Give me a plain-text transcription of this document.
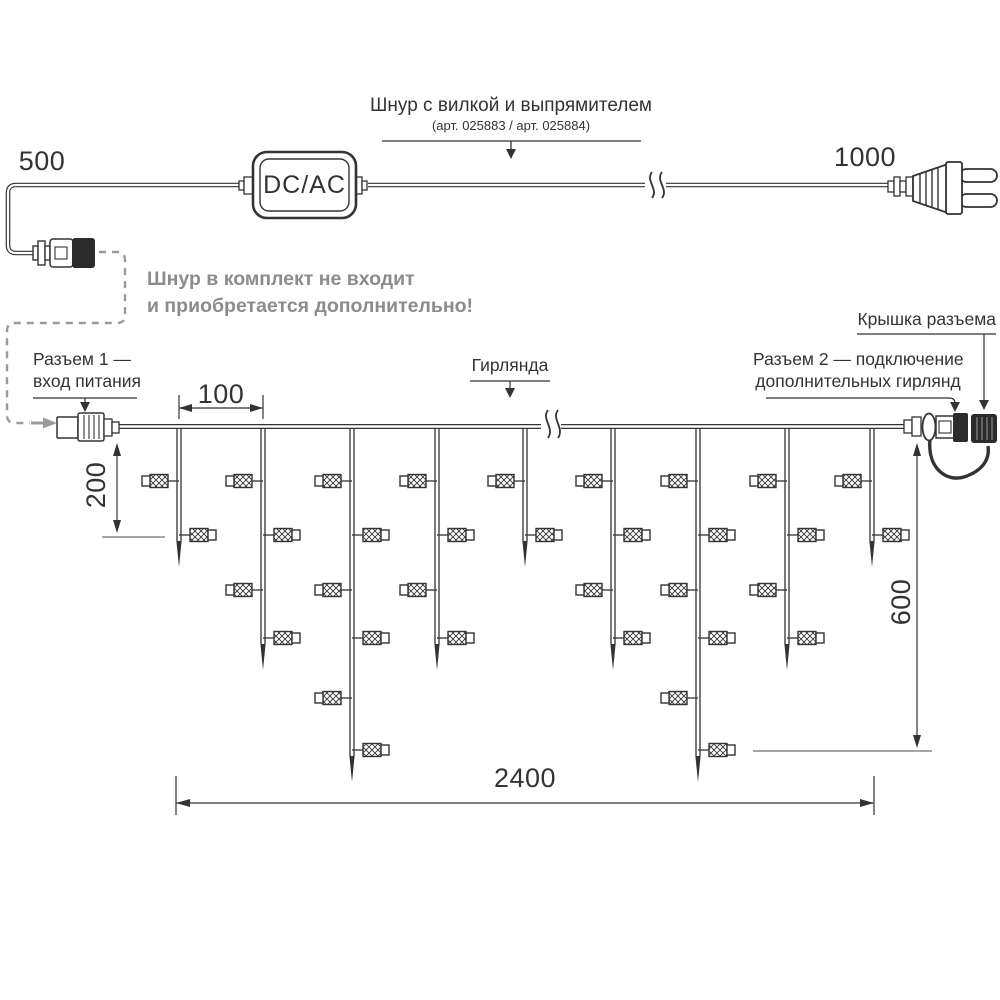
500	1000
Шнур с вилкой и выпрямителем
(арт. 025883 / арт. 025884)
DC/AC
Шнур в комплект не входит
и приобретается дополнительно!
Разъем 1 —
вход питания
Гирлянда	Разъем 2 — подключение
дополнительных гирлянд
Крышка разъема
100
200
600
2400
